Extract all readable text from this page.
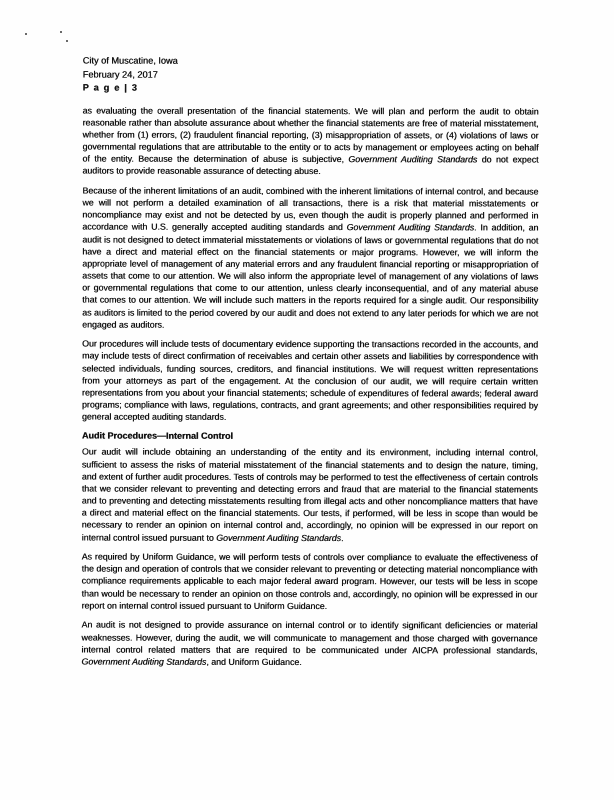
City of Muscatine, Iowa
February 24, 2017
P a g e | 3

as evaluating the overall presentation of the financial statements. We will plan and perform the audit to obtain reasonable rather than absolute assurance about whether the financial statements are free of material misstatement, whether from (1) errors, (2) fraudulent financial reporting, (3) misappropriation of assets, or (4) violations of laws or governmental regulations that are attributable to the entity or to acts by management or employees acting on behalf of the entity. Because the determination of abuse is subjective, Government Auditing Standards do not expect auditors to provide reasonable assurance of detecting abuse.

Because of the inherent limitations of an audit, combined with the inherent limitations of internal control, and because we will not perform a detailed examination of all transactions, there is a risk that material misstatements or noncompliance may exist and not be detected by us, even though the audit is properly planned and performed in accordance with U.S. generally accepted auditing standards and Government Auditing Standards. In addition, an audit is not designed to detect immaterial misstatements or violations of laws or governmental regulations that do not have a direct and material effect on the financial statements or major programs. However, we will inform the appropriate level of management of any material errors and any fraudulent financial reporting or misappropriation of assets that come to our attention. We will also inform the appropriate level of management of any violations of laws or governmental regulations that come to our attention, unless clearly inconsequential, and of any material abuse that comes to our attention. We will include such matters in the reports required for a single audit. Our responsibility as auditors is limited to the period covered by our audit and does not extend to any later periods for which we are not engaged as auditors.

Our procedures will include tests of documentary evidence supporting the transactions recorded in the accounts, and may include tests of direct confirmation of receivables and certain other assets and liabilities by correspondence with selected individuals, funding sources, creditors, and financial institutions. We will request written representations from your attorneys as part of the engagement. At the conclusion of our audit, we will require certain written representations from you about your financial statements; schedule of expenditures of federal awards; federal award programs; compliance with laws, regulations, contracts, and grant agreements; and other responsibilities required by general accepted auditing standards.

Audit Procedures—Internal Control

Our audit will include obtaining an understanding of the entity and its environment, including internal control, sufficient to assess the risks of material misstatement of the financial statements and to design the nature, timing, and extent of further audit procedures. Tests of controls may be performed to test the effectiveness of certain controls that we consider relevant to preventing and detecting errors and fraud that are material to the financial statements and to preventing and detecting misstatements resulting from illegal acts and other noncompliance matters that have a direct and material effect on the financial statements. Our tests, if performed, will be less in scope than would be necessary to render an opinion on internal control and, accordingly, no opinion will be expressed in our report on internal control issued pursuant to Government Auditing Standards.

As required by Uniform Guidance, we will perform tests of controls over compliance to evaluate the effectiveness of the design and operation of controls that we consider relevant to preventing or detecting material noncompliance with compliance requirements applicable to each major federal award program. However, our tests will be less in scope than would be necessary to render an opinion on those controls and, accordingly, no opinion will be expressed in our report on internal control issued pursuant to Uniform Guidance.

An audit is not designed to provide assurance on internal control or to identify significant deficiencies or material weaknesses. However, during the audit, we will communicate to management and those charged with governance internal control related matters that are required to be communicated under AICPA professional standards, Government Auditing Standards, and Uniform Guidance.
